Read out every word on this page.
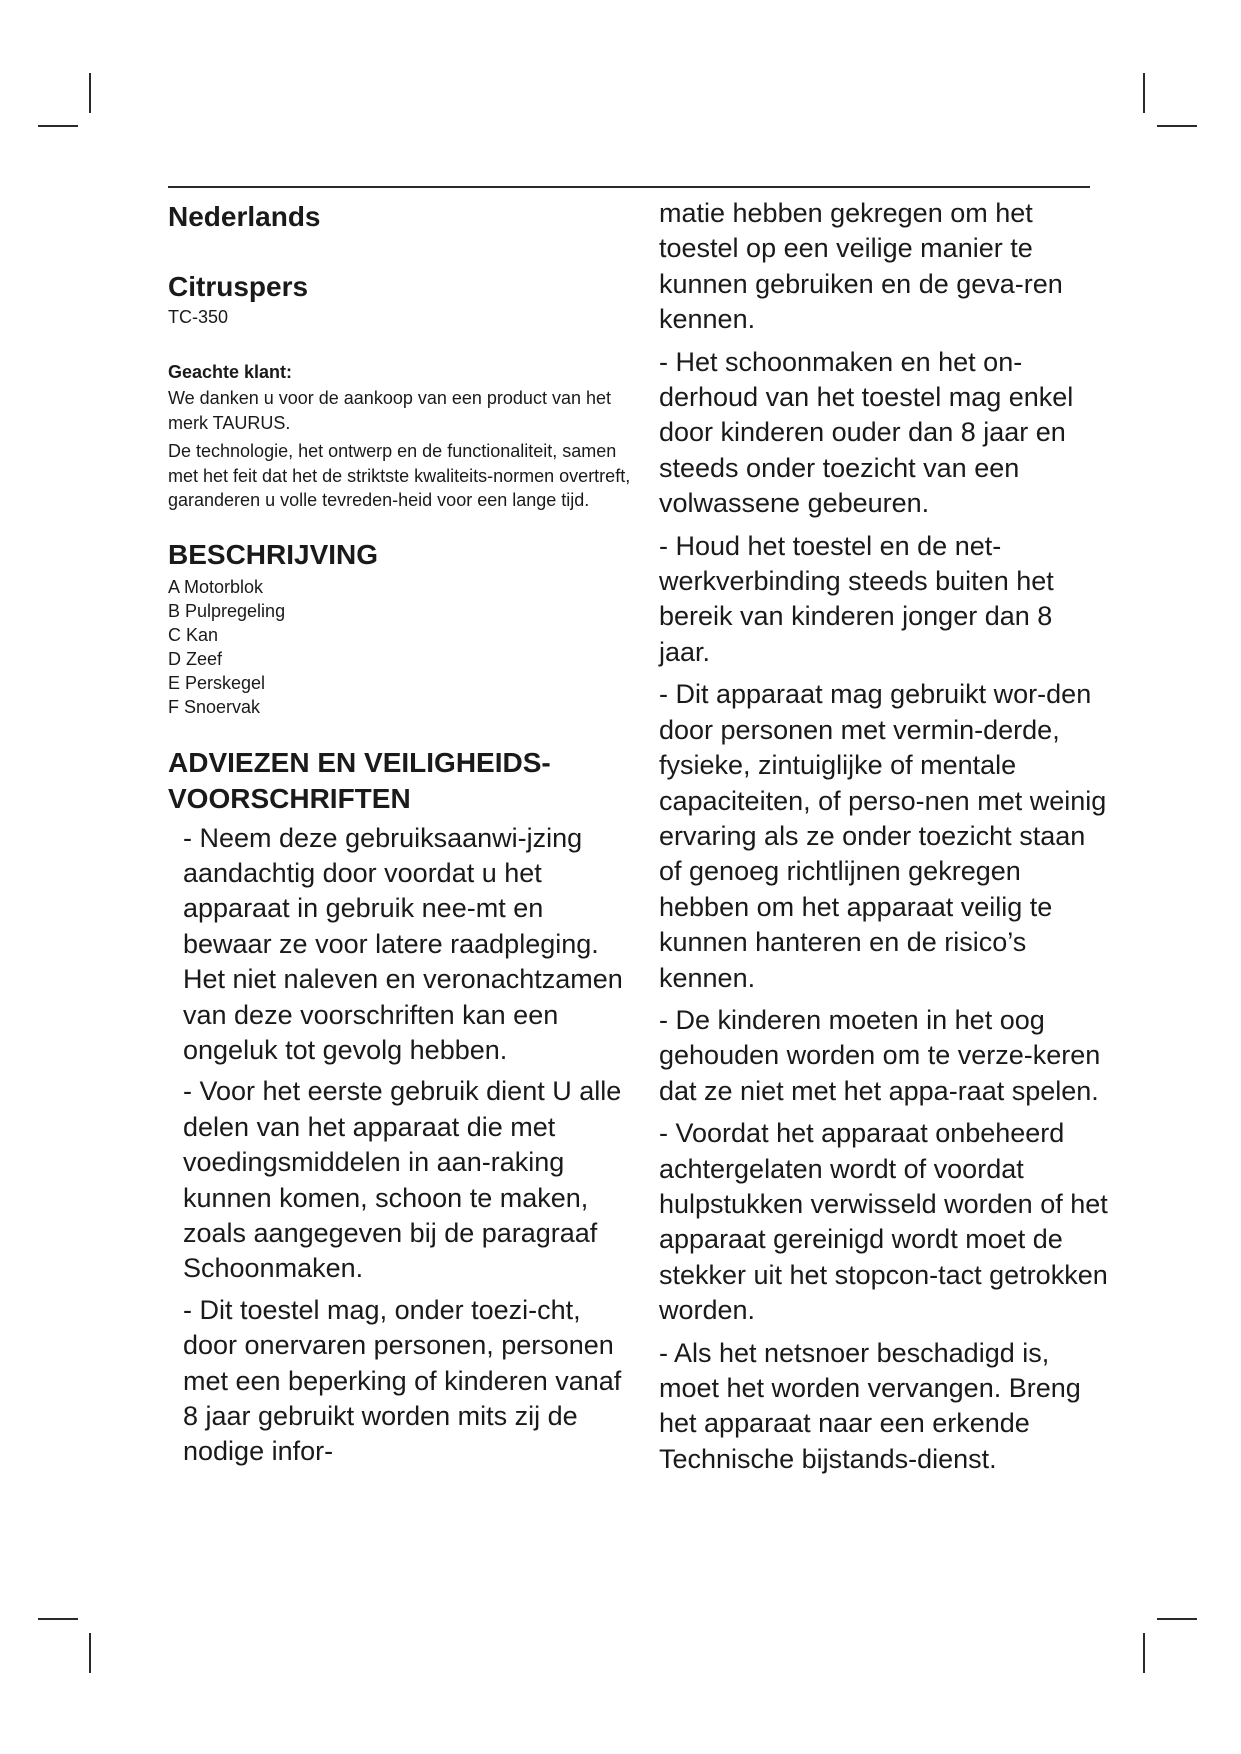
Nederlands
Citruspers
TC-350
Geachte klant:

We danken u voor de aankoop van een product van het merk TAURUS.

De technologie, het ontwerp en de functionaliteit, samen met het feit dat het de striktste kwaliteits-normen overtreft, garanderen u volle tevreden-heid voor een lange tijd.

BESCHRIJVING
A Motorblok
B Pulpregeling
C Kan
D Zeef
E Perskegel
F Snoervak
ADVIEZEN EN VEILIGHEIDS-
VOORSCHRIFTEN

- Neem deze gebruiksaanwi-jzing aandachtig door voordat u het apparaat in gebruik nee-mt en bewaar ze voor latere raadpleging. Het niet naleven en veronachtzamen van deze voorschriften kan een ongeluk tot gevolg hebben.

- Voor het eerste gebruik dient U alle delen van het apparaat die met voedingsmiddelen in aan-raking kunnen komen, schoon te maken, zoals aangegeven bij de paragraaf Schoonmaken.

- Dit toestel mag, onder toezi-cht, door onervaren personen, personen met een beperking of kinderen vanaf 8 jaar gebruikt worden mits zij de nodige infor-

matie hebben gekregen om het toestel op een veilige manier te kunnen gebruiken en de geva-ren kennen.

- Het schoonmaken en het on-derhoud van het toestel mag enkel door kinderen ouder dan 8 jaar en steeds onder toezicht van een volwassene gebeuren.

- Houd het toestel en de net-werkverbinding steeds buiten het bereik van kinderen jonger dan 8 jaar.

- Dit apparaat mag gebruikt wor-den door personen met vermin-derde, fysieke, zintuiglijke of mentale capaciteiten, of perso-nen met weinig ervaring als ze onder toezicht staan of genoeg richtlijnen gekregen hebben om het apparaat veilig te kunnen hanteren en de risico’s kennen.

- De kinderen moeten in het oog gehouden worden om te verze-keren dat ze niet met het appa-raat spelen.

- Voordat het apparaat onbeheerd achtergelaten wordt of voordat hulpstukken verwisseld worden of het apparaat gereinigd wordt moet de stekker uit het stopcon-tact getrokken worden.

- Als het netsnoer beschadigd is, moet het worden vervangen. Breng het apparaat naar een erkende Technische bijstands-dienst.
